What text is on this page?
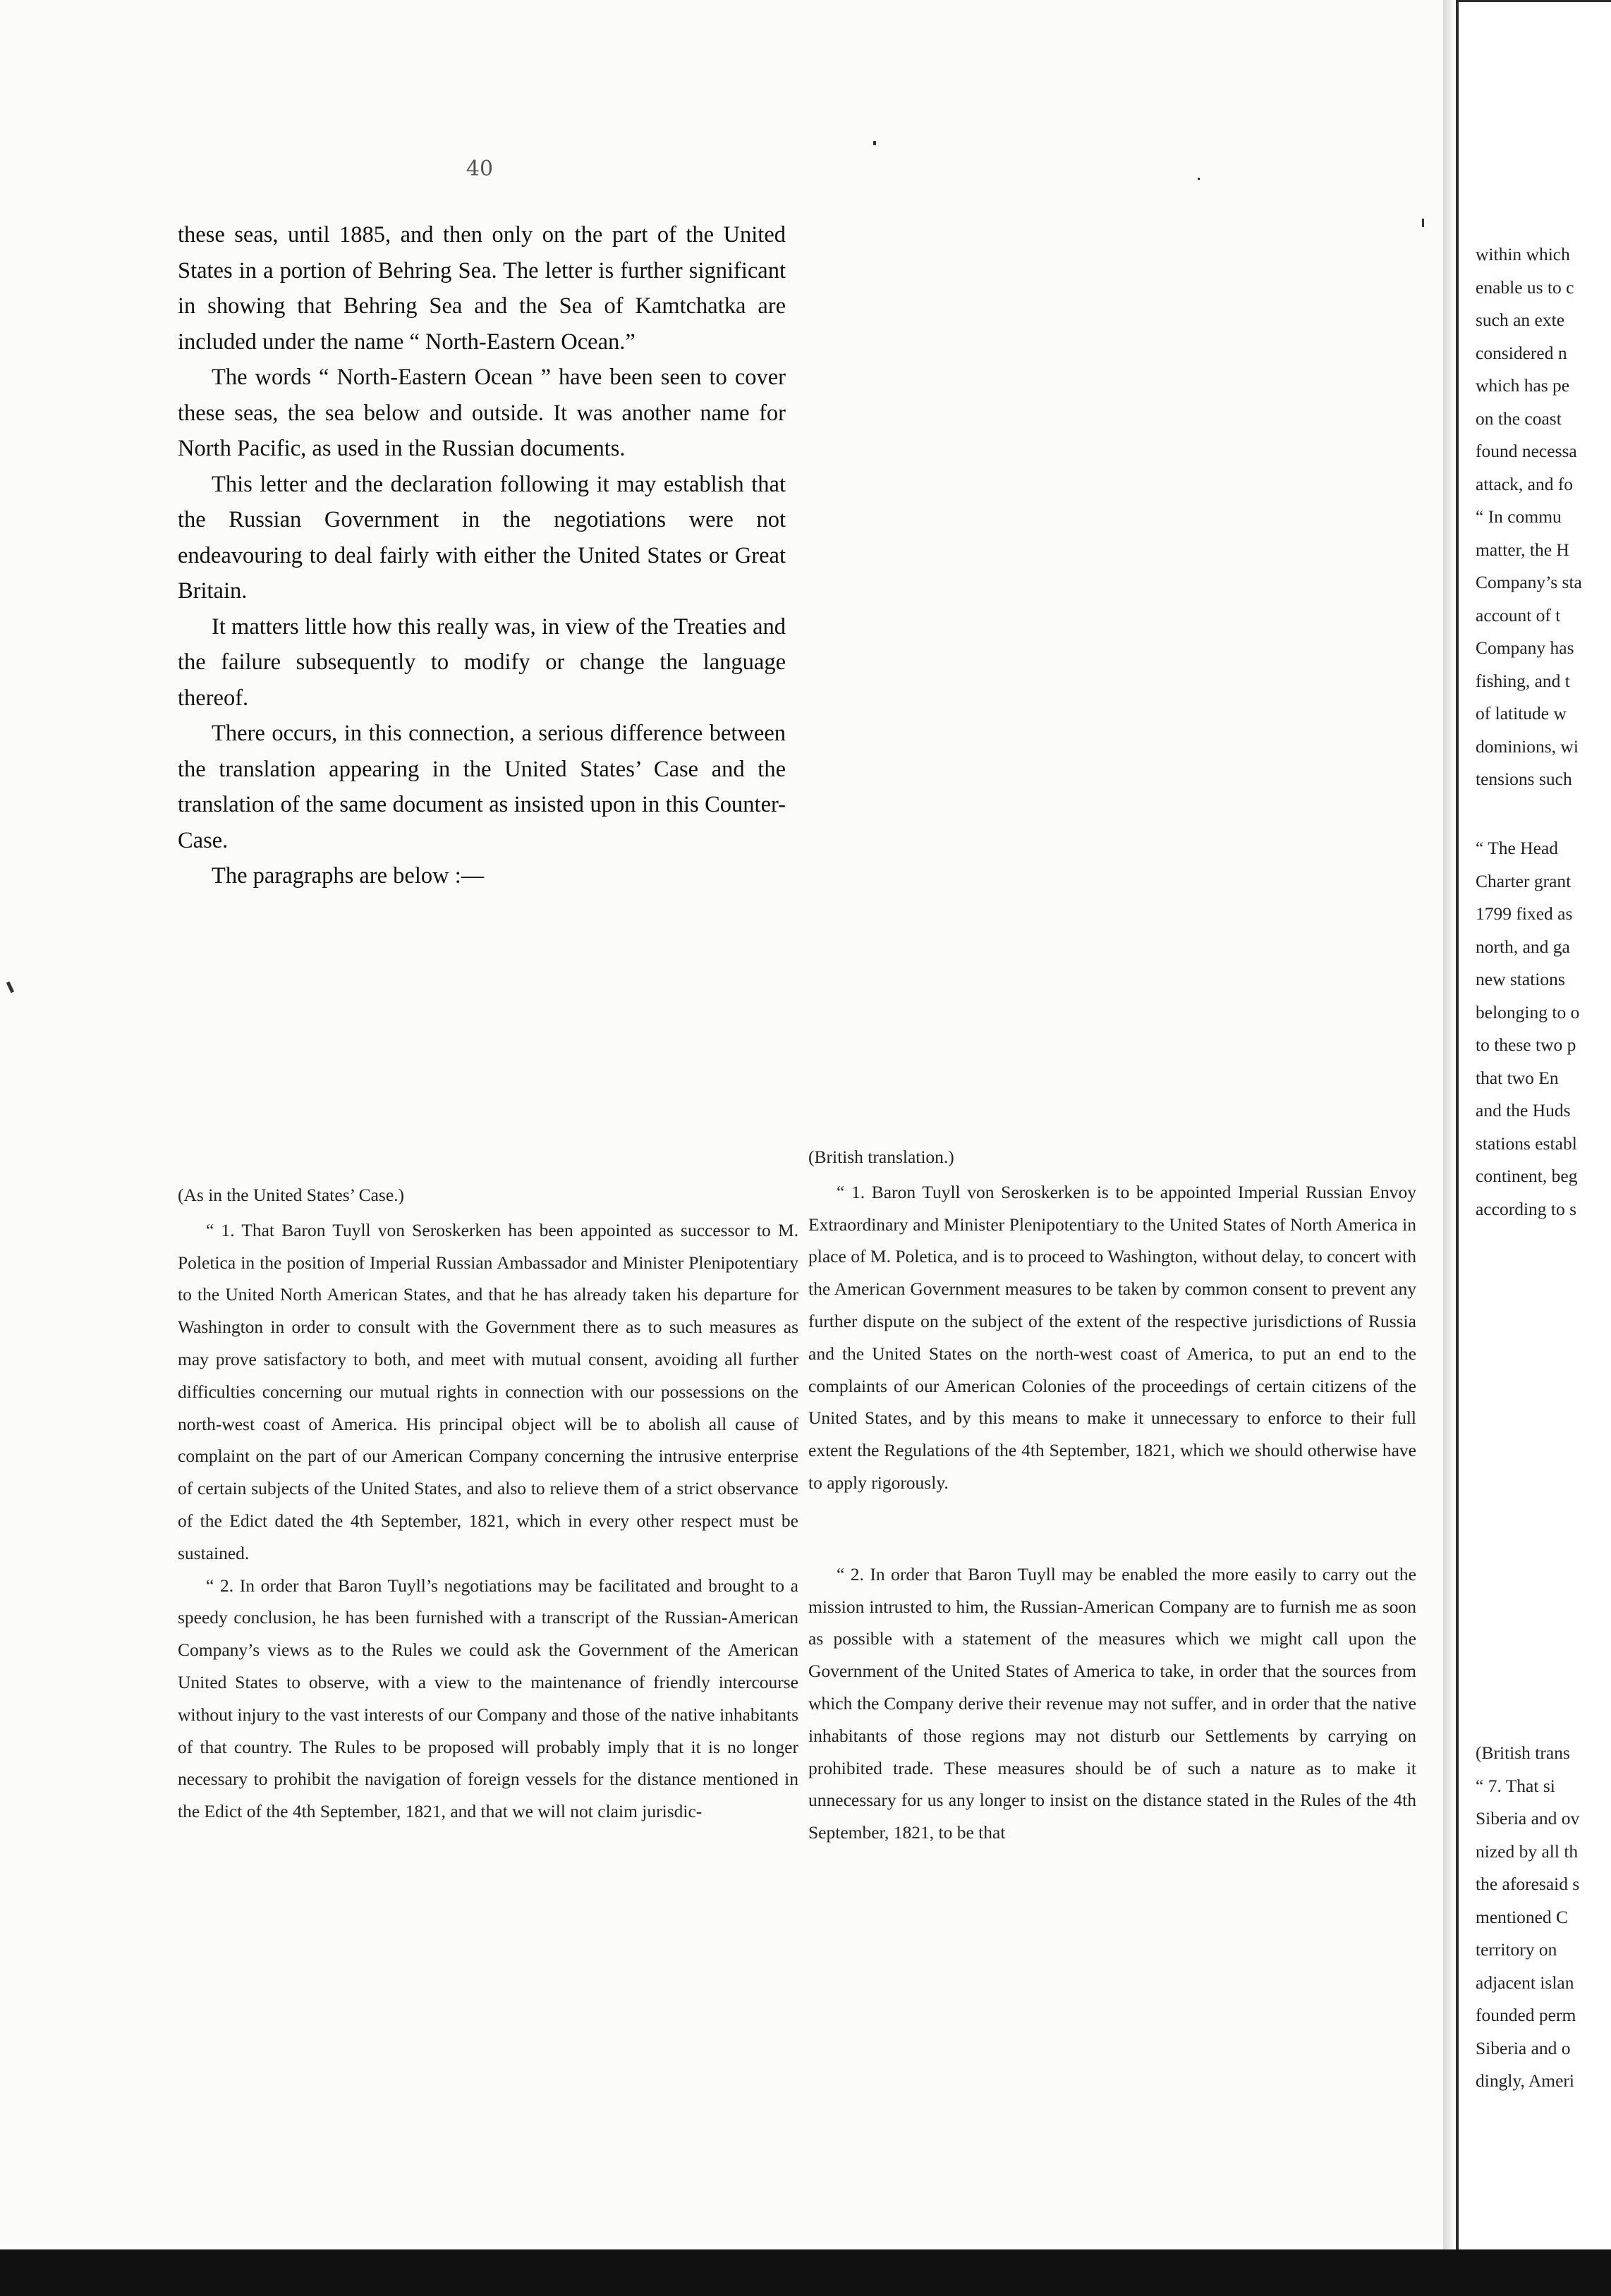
40

these seas, until 1885, and then only on the part of the United States in a portion of Behring Sea. The letter is further significant in showing that Behring Sea and the Sea of Kamtchatka are included under the name “ North-Eastern Ocean.”

The words “ North-Eastern Ocean ” have been seen to cover these seas, the sea below and outside. It was another name for North Pacific, as used in the Russian documents.

This letter and the declaration following it may establish that the Russian Government in the negotiations were not endeavouring to deal fairly with either the United States or Great Britain.

It matters little how this really was, in view of the Treaties and the failure subsequently to modify or change the language thereof.

There occurs, in this connection, a serious difference between the translation appearing in the United States’ Case and the translation of the same document as insisted upon in this Counter-Case.

The paragraphs are below :—

(As in the United States’ Case.)

“ 1. That Baron Tuyll von Seroskerken has been appointed as successor to M. Poletica in the position of Imperial Russian Ambassador and Minister Plenipotentiary to the United North American States, and that he has already taken his departure for Washington in order to consult with the Government there as to such measures as may prove satisfactory to both, and meet with mutual consent, avoiding all further difficulties concerning our mutual rights in connection with our possessions on the north-west coast of America. His principal object will be to abolish all cause of complaint on the part of our American Company concerning the intrusive enterprise of certain subjects of the United States, and also to relieve them of a strict observance of the Edict dated the 4th September, 1821, which in every other respect must be sustained.

“ 2. In order that Baron Tuyll’s negotiations may be facilitated and brought to a speedy conclusion, he has been furnished with a transcript of the Russian-American Company’s views as to the Rules we could ask the Government of the American United States to observe, with a view to the maintenance of friendly intercourse without injury to the vast interests of our Company and those of the native inhabitants of that country. The Rules to be proposed will probably imply that it is no longer necessary to prohibit the navigation of foreign vessels for the distance mentioned in the Edict of the 4th September, 1821, and that we will not claim jurisdic-

(British translation.)

“ 1. Baron Tuyll von Seroskerken is to be appointed Imperial Russian Envoy Extraordinary and Minister Plenipotentiary to the United States of North America in place of M. Poletica, and is to proceed to Washington, without delay, to concert with the American Government measures to be taken by common consent to prevent any further dispute on the subject of the extent of the respective jurisdictions of Russia and the United States on the north-west coast of America, to put an end to the complaints of our American Colonies of the proceedings of certain citizens of the United States, and by this means to make it unnecessary to enforce to their full extent the Regulations of the 4th September, 1821, which we should otherwise have to apply rigorously.

“ 2. In order that Baron Tuyll may be enabled the more easily to carry out the mission intrusted to him, the Russian-American Company are to furnish me as soon as possible with a statement of the measures which we might call upon the Government of the United States of America to take, in order that the sources from which the Company derive their revenue may not suffer, and in order that the native inhabitants of those regions may not disturb our Settlements by carrying on prohibited trade. These measures should be of such a nature as to make it unnecessary for us any longer to insist on the distance stated in the Rules of the 4th September, 1821, to be that

within which
enable us to c
such an exte
considered n
which has pe
on the coast
found necessa
attack, and fo
“ In commu
matter, the H
Company’s sta
account of t
Company has
fishing, and t
of latitude w
dominions, wi
tensions such
“ The Head
Charter grant
1799 fixed as
north, and ga
new stations
belonging to o
to these two p
that two En
and the Huds
stations establ
continent, beg
according to s
(British trans
“ 7. That si
Siberia and ov
nized by all th
the aforesaid s
mentioned C
territory on
adjacent islan
founded perm
Siberia and o
dingly, Ameri
